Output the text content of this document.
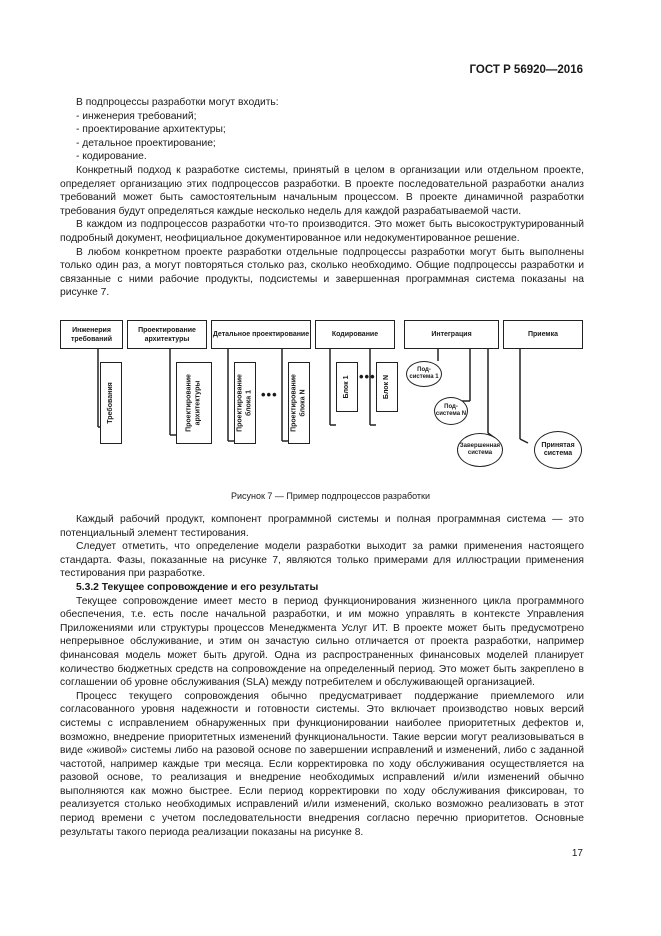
ГОСТ Р 56920—2016

В подпроцессы разработки могут входить:

- инженерия требований;

- проектирование архитектуры;

- детальное проектирование;

- кодирование.

Конкретный подход к разработке системы, принятый в целом в организации или отдельном проекте, определяет организацию этих подпроцессов разработки. В проекте последовательной разработки анализ требований может быть самостоятельным начальным процессом. В проекте динамичной разработки требования будут определяться каждые несколько недель для каждой разрабатываемой части.

В каждом из подпроцессов разработки что-то производится. Это может быть высокоструктурированный подробный документ, неофициальное документированное или недокументированное решение.

В любом конкретном проекте разработки отдельные подпроцессы разработки могут быть выполнены только один раз, а могут повторяться столько раз, сколько необходимо. Общие подпроцессы разработки и связанные с ними рабочие продукты, подсистемы и завершенная программная система показаны на рисунке 7.

Инженерия требований
Проектирование архитектуры
Детальное проектирование	Кодирование	Интеграция	Приемка
Требования	Проектирование архитектуры	Проектирование блока 1 ••• Проектирование блока N
Блок 1 ••• Блок N
Под-система 1
Под-система N
Завершенная система
Принятая система
Рисунок 7 — Пример подпроцессов разработки

Каждый рабочий продукт, компонент программной системы и полная программная система — это потенциальный элемент тестирования.

Следует отметить, что определение модели разработки выходит за рамки применения настоящего стандарта. Фазы, показанные на рисунке 7, являются только примерами для иллюстрации применения тестирования при разработке.

5.3.2 Текущее сопровождение и его результаты

Текущее сопровождение имеет место в период функционирования жизненного цикла программного обеспечения, т.е. есть после начальной разработки, и им можно управлять в контексте Управления Приложениями или структуры процессов Менеджмента Услуг ИТ. В проекте может быть предусмотрено непрерывное обслуживание, и этим он зачастую сильно отличается от проекта разработки, например финансовая модель может быть другой. Одна из распространенных финансовых моделей планирует количество бюджетных средств на сопровождение на определенный период. Это может быть закреплено в соглашении об уровне обслуживания (SLA) между потребителем и обслуживающей организацией.

Процесс текущего сопровождения обычно предусматривает поддержание приемлемого или согласованного уровня надежности и готовности системы. Это включает производство новых версий системы с исправлением обнаруженных при функционировании наиболее приоритетных дефектов и, возможно, внедрение приоритетных изменений функциональности. Такие версии могут реализовываться в виде «живой» системы либо на разовой основе по завершении исправлений и изменений, либо с заданной частотой, например каждые три месяца. Если корректировка по ходу обслуживания осуществляется на разовой основе, то реализация и внедрение необходимых исправлений и/или изменений обычно выполняются как можно быстрее. Если период корректировки по ходу обслуживания фиксирован, то реализуется столько необходимых исправлений и/или изменений, сколько возможно реализовать в этот период времени с учетом последовательности внедрения согласно перечню приоритетов. Основные результаты такого периода реализации показаны на рисунке 8.

17
